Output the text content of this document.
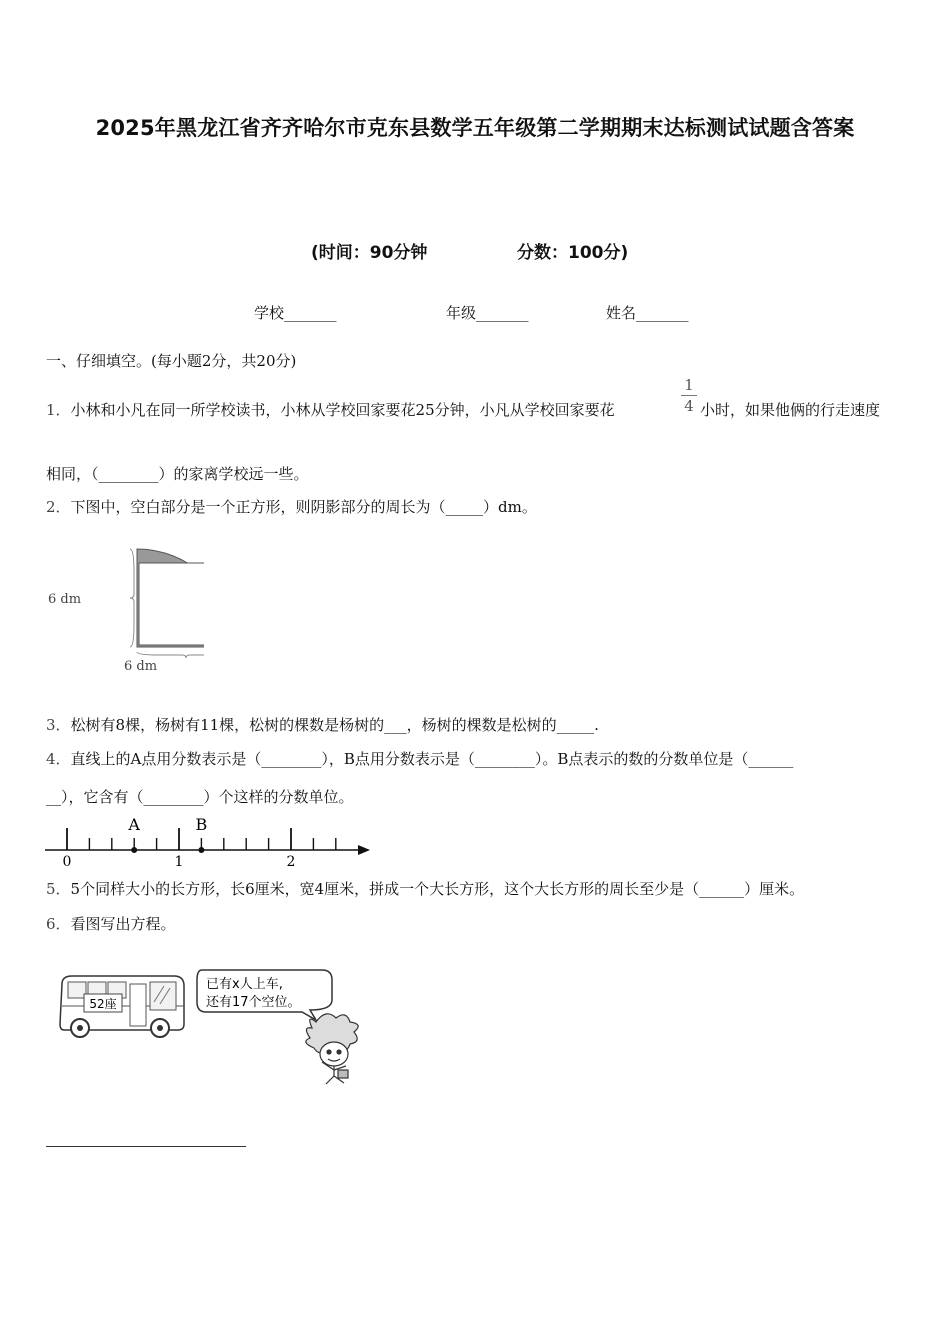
2025年黑龙江省齐齐哈尔市克东县数学五年级第二学期期末达标测试试题含答案
(时间：90分钟	分数：100分)
学校_______	年级_______	姓名_______
一、仔细填空。(每小题2分，共20分)
1．小林和小凡在同一所学校读书，小林从学校回家要花25分钟，小凡从学校回家要花
1
4 小时，如果他俩的行走速度
相同，（________）的家离学校远一些。
2．下图中，空白部分是一个正方形，则阴影部分的周长为（_____）dm。
6 dm
6 dm
3．松树有8棵，杨树有11棵，松树的棵数是杨树的___，杨树的棵数是松树的_____.
4．直线上的A点用分数表示是（________），B点用分数表示是（________）。B点表示的数的分数单位是（______
__），它含有（________）个这样的分数单位。
A	B
0	1	2
5．5个同样大小的长方形，长6厘米，宽4厘米，拼成一个大长方形，这个大长方形的周长至少是（______）厘米。
6．看图写出方程。
52座
已有x人上车,
还有17个空位。
